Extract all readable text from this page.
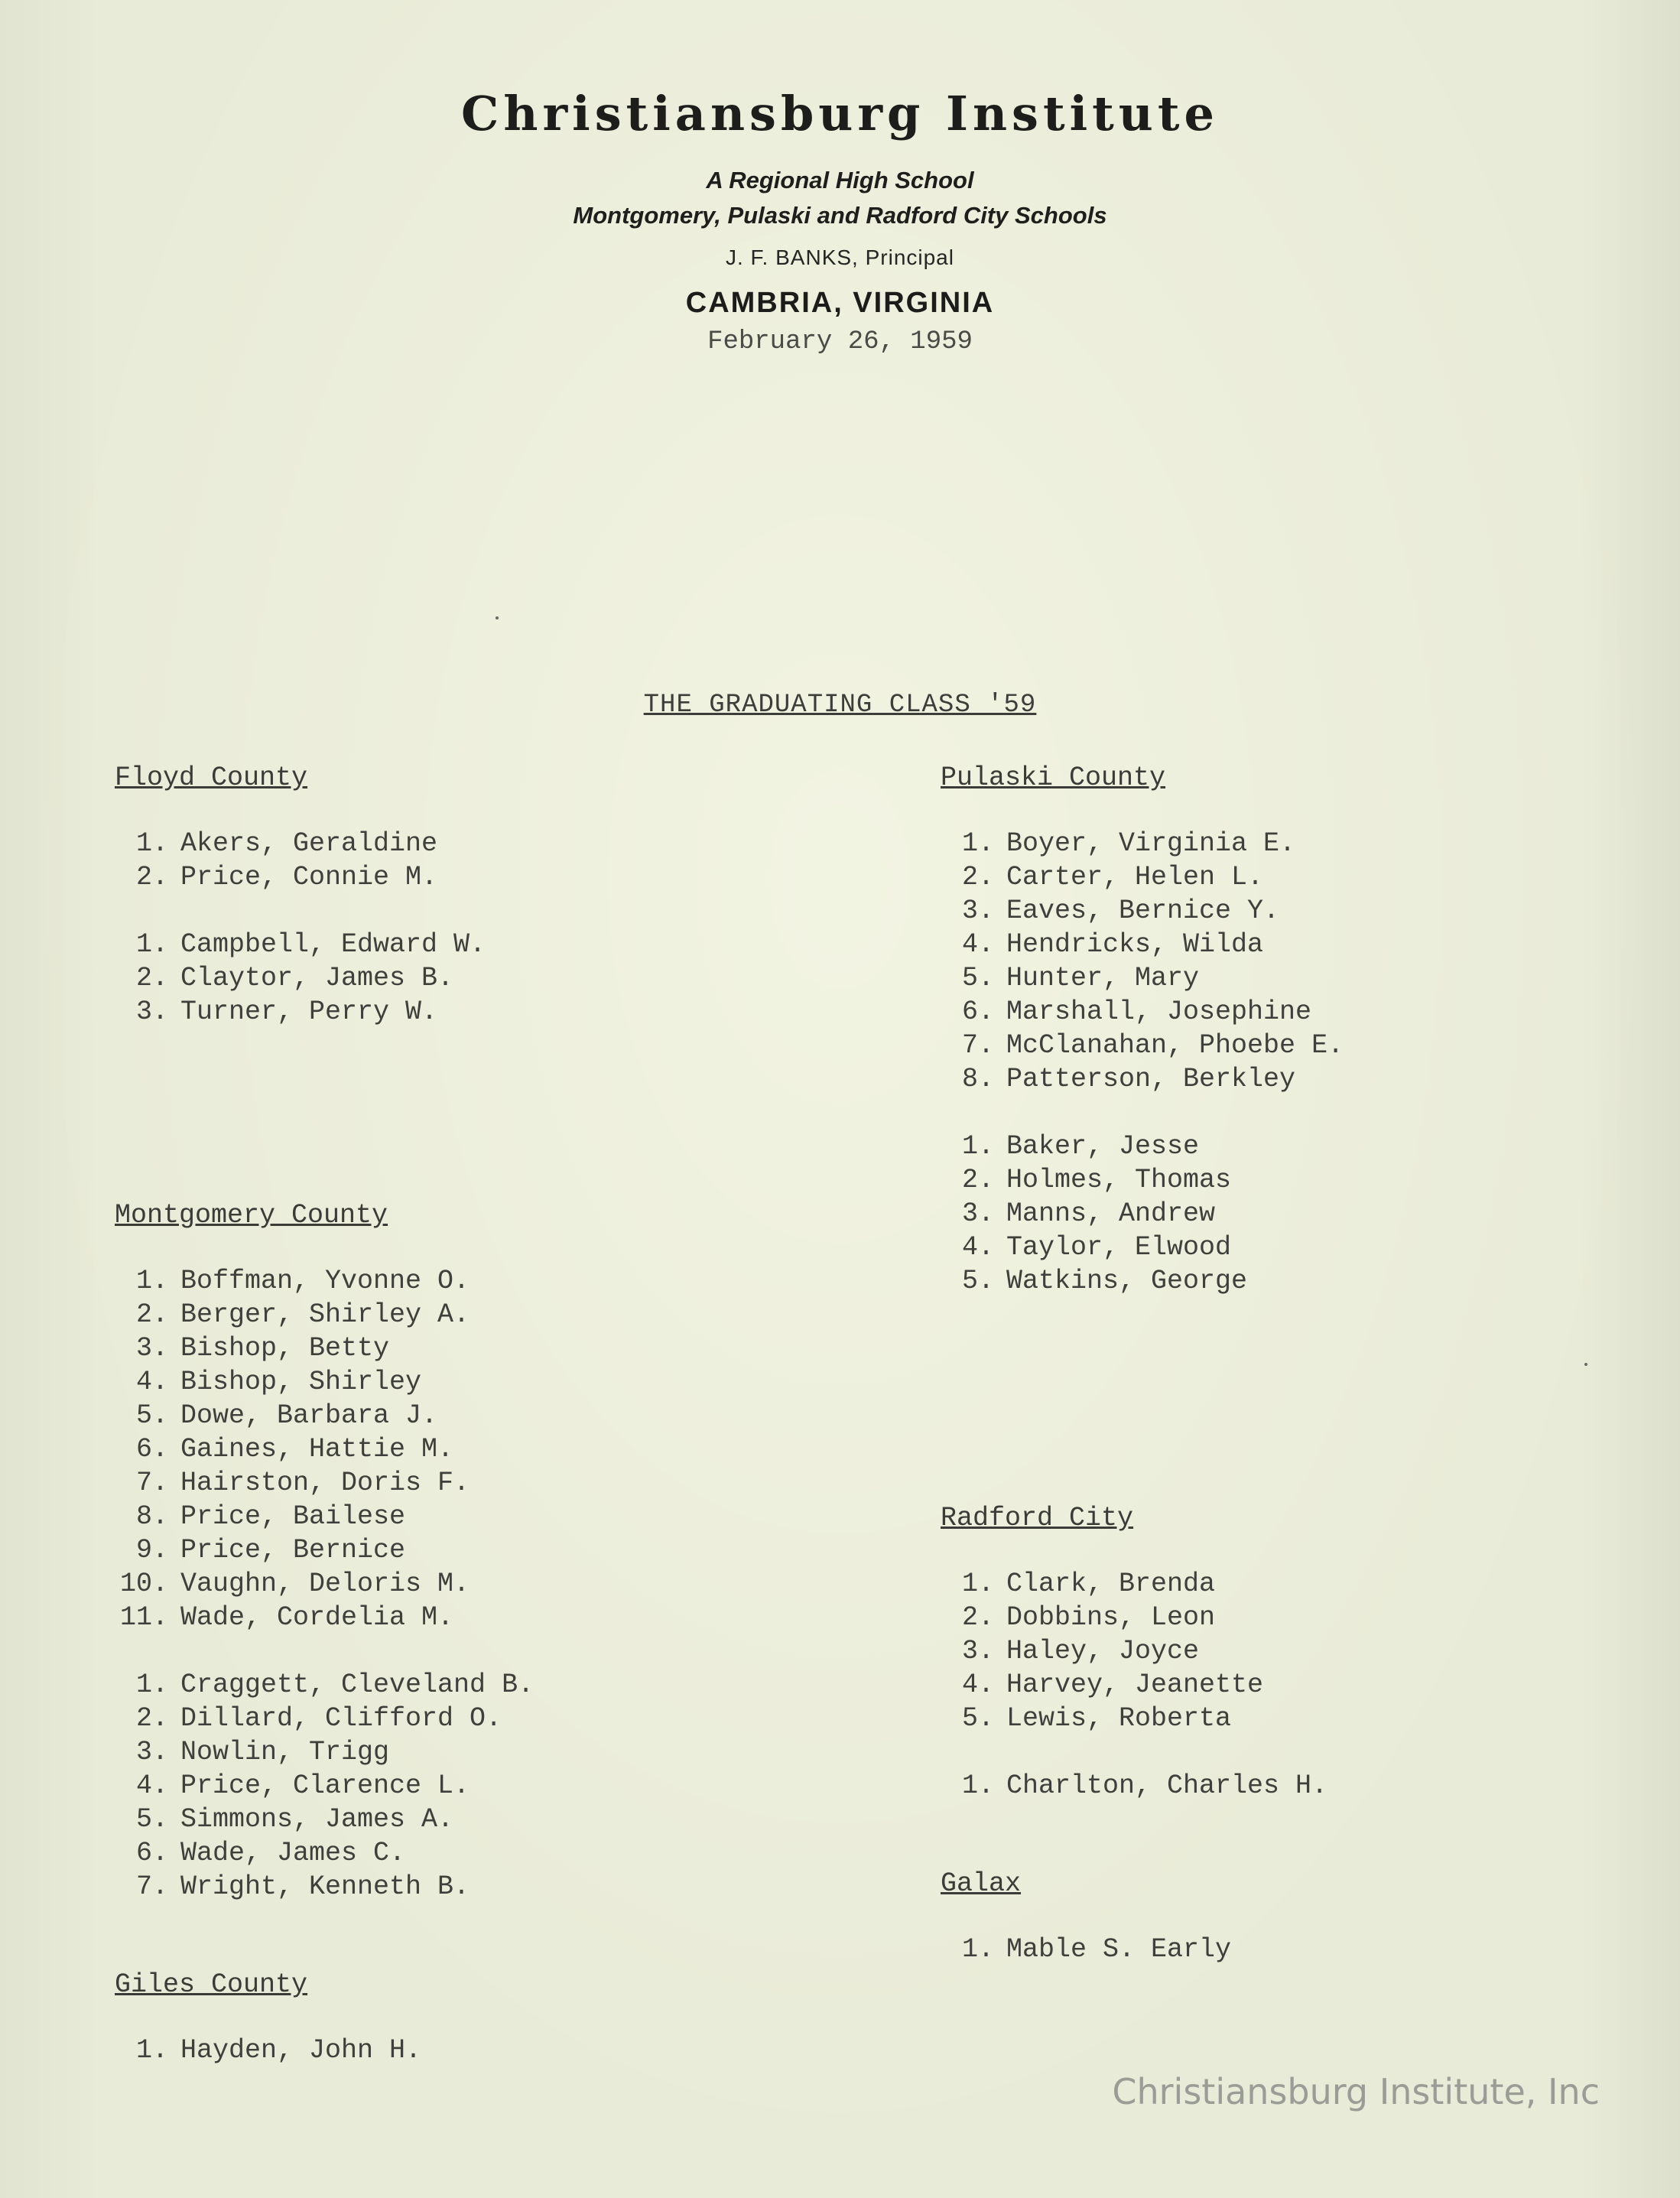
Christiansburg Institute
A Regional High School
Montgomery, Pulaski and Radford City Schools
J. F. BANKS, Principal
CAMBRIA, VIRGINIA
February 26, 1959
THE GRADUATING CLASS '59
Floyd County
1. Akers, Geraldine
2. Price, Connie M.
1. Campbell, Edward W.
2. Claytor, James B.
3. Turner, Perry W.
Montgomery County
1. Boffman, Yvonne O.
2. Berger, Shirley A.
3. Bishop, Betty
4. Bishop, Shirley
5. Dowe, Barbara J.
6. Gaines, Hattie M.
7. Hairston, Doris F.
8. Price, Bailese
9. Price, Bernice
10. Vaughn, Deloris M.
11. Wade, Cordelia M.
1. Craggett, Cleveland B.
2. Dillard, Clifford O.
3. Nowlin, Trigg
4. Price, Clarence L.
5. Simmons, James A.
6. Wade, James C.
7. Wright, Kenneth B.
Giles County
1. Hayden, John H.
Pulaski County
1. Boyer, Virginia E.
2. Carter, Helen L.
3. Eaves, Bernice Y.
4. Hendricks, Wilda
5. Hunter, Mary
6. Marshall, Josephine
7. McClanahan, Phoebe E.
8. Patterson, Berkley
1. Baker, Jesse
2. Holmes, Thomas
3. Manns, Andrew
4. Taylor, Elwood
5. Watkins, George
Radford City
1. Clark, Brenda
2. Dobbins, Leon
3. Haley, Joyce
4. Harvey, Jeanette
5. Lewis, Roberta
1. Charlton, Charles H.
Galax
1. Mable S. Early
Christiansburg Institute, Inc
